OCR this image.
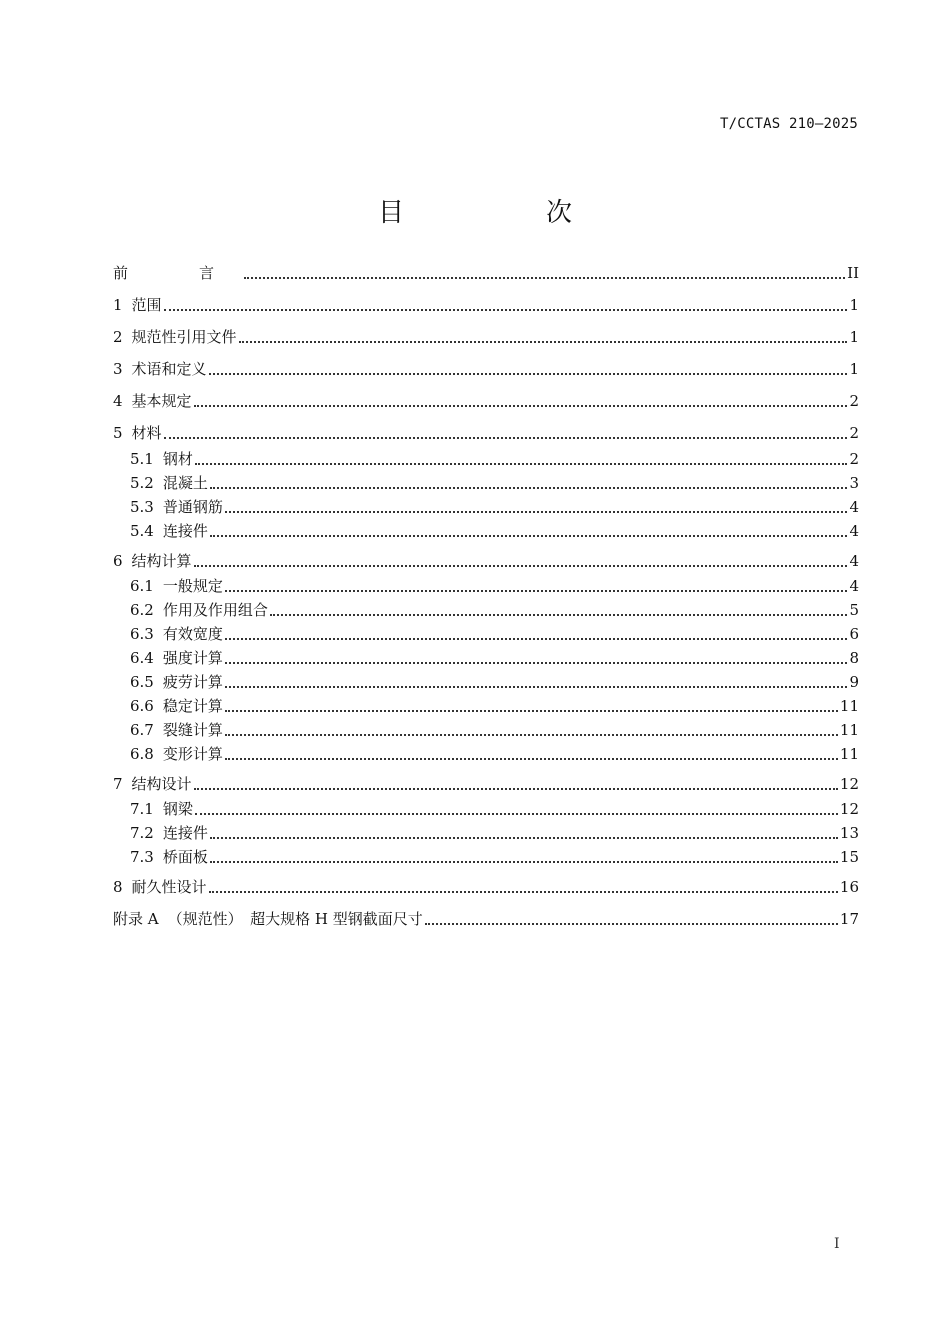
T/CCTAS 210—2025
目　次
前　言	II
1 范围	1
2 规范性引用文件	1
3 术语和定义	1
4 基本规定	2
5 材料	2
5.1 钢材	2
5.2 混凝土	3
5.3 普通钢筋	4
5.4 连接件	4
6 结构计算	4
6.1 一般规定	4
6.2 作用及作用组合	5
6.3 有效宽度	6
6.4 强度计算	8
6.5 疲劳计算	9
6.6 稳定计算	11
6.7 裂缝计算	11
6.8 变形计算	11
7 结构设计	12
7.1 钢梁	12
7.2 连接件	13
7.3 桥面板	15
8 耐久性设计	16
附录 A （规范性）　超大规格 H 型钢截面尺寸	17
I
